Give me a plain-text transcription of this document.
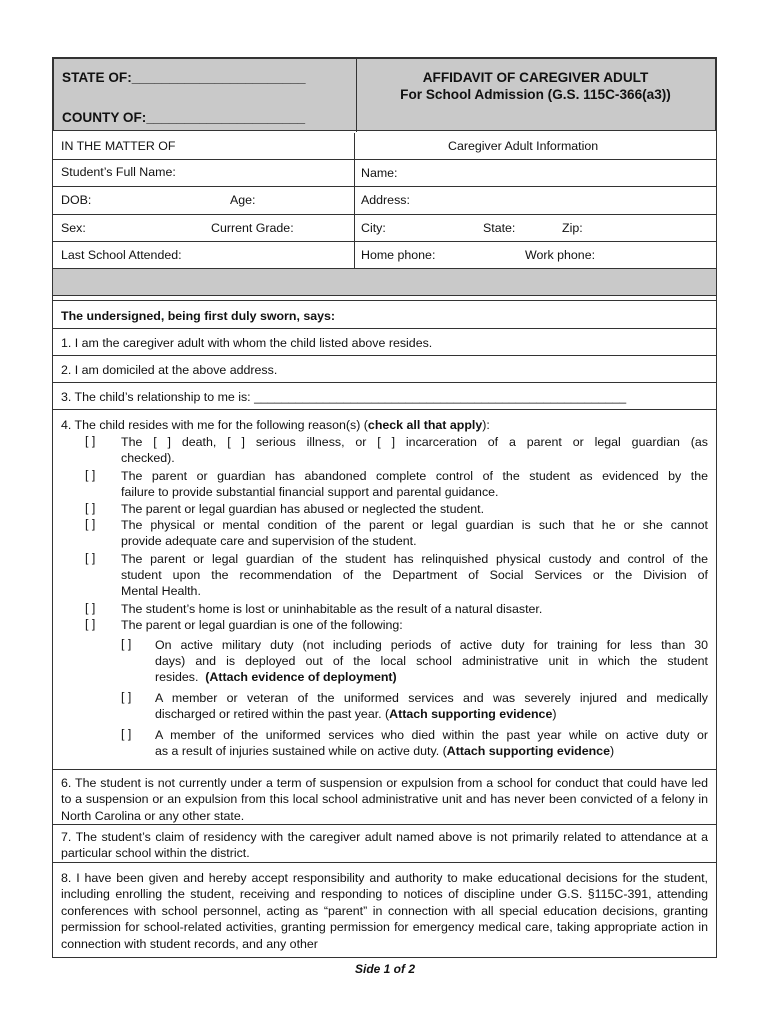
STATE OF:_______________________
COUNTY OF:_____________________
AFFIDAVIT OF CAREGIVER ADULT
For School Admission (G.S. 115C-366(a3))
IN THE MATTER OF	Caregiver Adult Information
Student’s Full Name:	Name:
DOB:	Age:	Address:
Sex:	Current Grade:	City:	State:	Zip:
Last School Attended:	Home phone:	Work phone:
The undersigned, being first duly sworn, says:
1. I am the caregiver adult with whom the child listed above resides.
2. I am domiciled at the above address.
3. The child’s relationship to me is: ______________________________________________________
4. The child resides with me for the following reason(s) (check all that apply):
[ ] The [ ] death, [ ] serious illness, or [ ] incarceration of a parent or legal guardian (as
checked).
[ ] The parent or guardian has abandoned complete control of the student as evidenced by the
failure to provide substantial financial support and parental guidance.
[ ] The parent or legal guardian has abused or neglected the student.
[ ] The physical or mental condition of the parent or legal guardian is such that he or she cannot
provide adequate care and supervision of the student.
[ ] The parent or legal guardian of the student has relinquished physical custody and control of the
student upon the recommendation of the Department of Social Services or the Division of
Mental Health.
[ ] The student’s home is lost or uninhabitable as the result of a natural disaster.
[ ] The parent or legal guardian is one of the following:
[ ] On active military duty (not including periods of active duty for training for less than 30
days) and is deployed out of the local school administrative unit in which the student
resides. (Attach evidence of deployment)
[ ] A member or veteran of the uniformed services and was severely injured and medically
discharged or retired within the past year. (Attach supporting evidence)
[ ] A member of the uniformed services who died within the past year while on active duty or
as a result of injuries sustained while on active duty. (Attach supporting evidence)
6. The student is not currently under a term of suspension or expulsion from a school for conduct that could have led to a suspension or an expulsion from this local school administrative unit and has never been convicted of a felony in North Carolina or any other state.
7. The student’s claim of residency with the caregiver adult named above is not primarily related to attendance at a particular school within the district.
8. I have been given and hereby accept responsibility and authority to make educational decisions for the student, including enrolling the student, receiving and responding to notices of discipline under G.S. §115C-391, attending conferences with school personnel, acting as “parent” in connection with all special education decisions, granting permission for school-related activities, granting permission for emergency medical care, taking appropriate action in connection with student records, and any other
Side 1 of 2
